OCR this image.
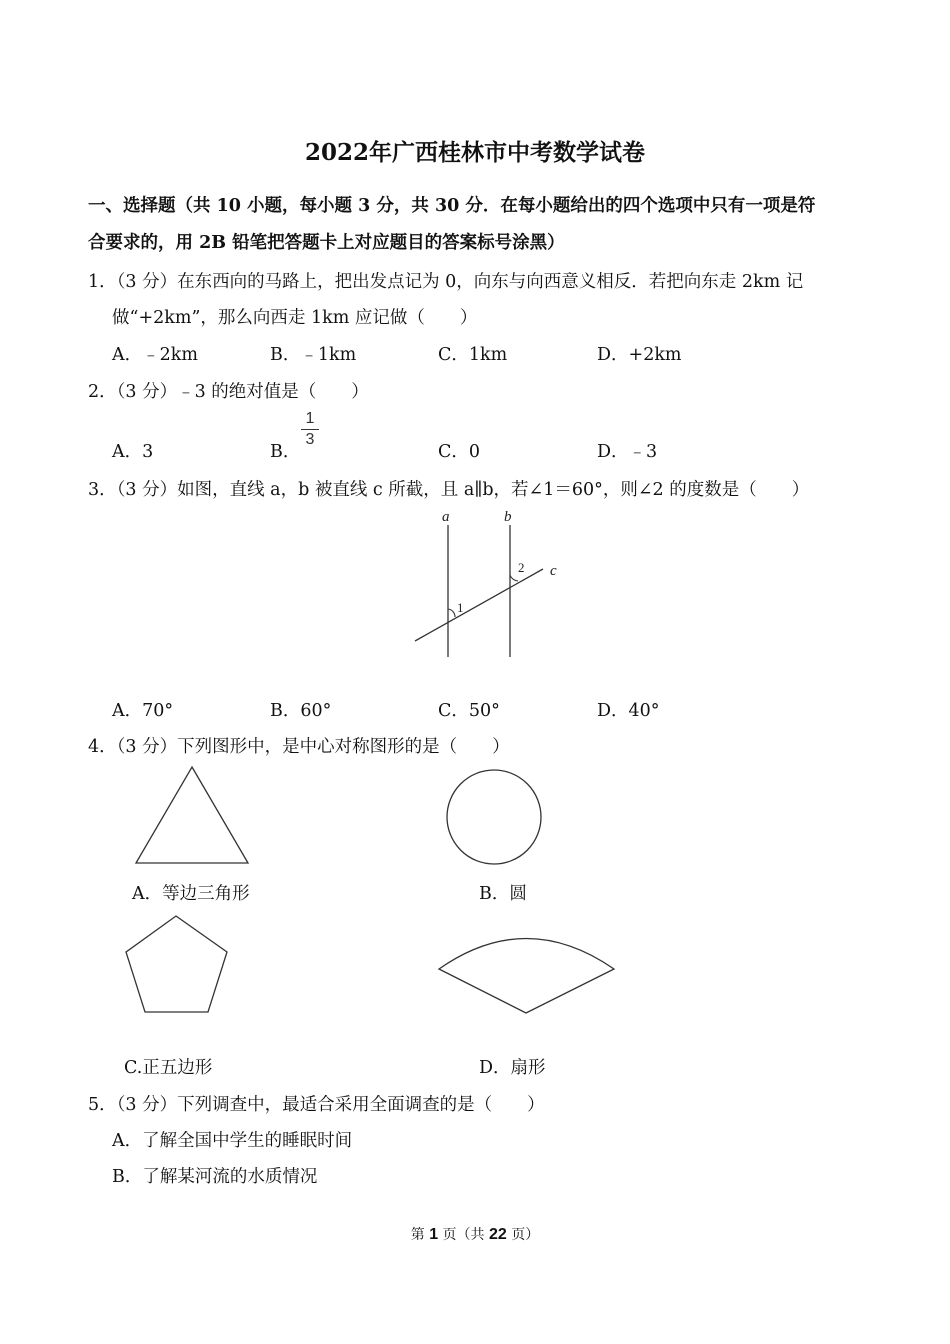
2022年广西桂林市中考数学试卷
一、选择题（共 10 小题，每小题 3 分，共 30 分．在每小题给出的四个选项中只有一项是符
合要求的，用 2B 铅笔把答题卡上对应题目的答案标号涂黑）
1．（3 分）在东西向的马路上，把出发点记为 0，向东与向西意义相反．若把向东走 2km 记
做“+2km”，那么向西走 1km 应记做（　　）
A．﹣2km	B．﹣1km	C．1km	D．+2km
2．（3 分）﹣3 的绝对值是（　　）
A．3	B．
1
3
C．0	D．﹣3
3．（3 分）如图，直线 a，b 被直线 c 所截，且 a∥b，若∠1＝60°，则∠2 的度数是（　　）
a	b
c
1
2
A．70°	B．60°	C．50°	D．40°
4．（3 分）下列图形中，是中心对称图形的是（　　）
A．等边三角形	B．圆
C.正五边形	D．扇形
5．（3 分）下列调查中，最适合采用全面调查的是（　　）
A．了解全国中学生的睡眠时间
B．了解某河流的水质情况
第 1 页（共 22 页）
